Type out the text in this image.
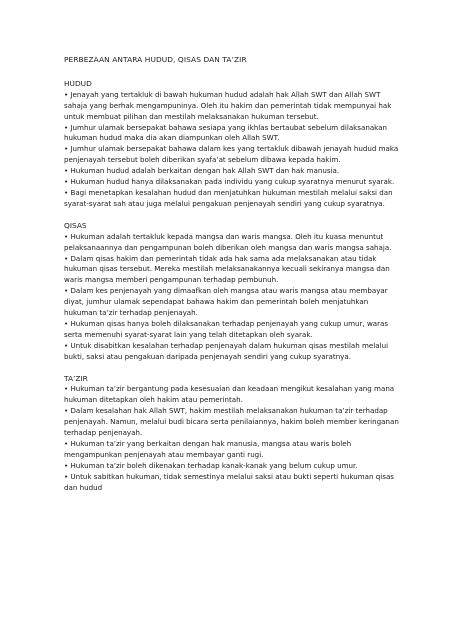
PERBEZAAN ANTARA HUDUD, QISAS DAN TA’ZIR
HUDUD

• Jenayah yang tertakluk di bawah hukuman hudud adalah hak Allah SWT dan Allah SWT sahaja yang berhak mengampuninya. Oleh itu hakim dan pemerintah tidak mempunyai hak untuk membuat pilihan dan mestilah melaksanakan hukuman tersebut.

• Jumhur ulamak bersepakat bahawa sesiapa yang ikhlas bertaubat sebelum dilaksanakan hukuman hudud maka dia akan diampunkan oleh Allah SWT.

• Jumhur ulamak bersepakat bahawa dalam kes yang tertakluk dibawah jenayah hudud maka penjenayah tersebut boleh diberikan syafa’at sebelum dibawa kepada hakim.

• Hukuman hudud adalah berkaitan dengan hak Allah SWT dan hak manusia.

• Hukuman hudud hanya dilaksanakan pada individu yang cukup syaratnya menurut syarak.

• Bagi menetapkan kesalahan hudud dan menjatuhkan hukuman mestilah melalui saksi dan syarat-syarat sah atau juga melalui pengakuan penjenayah sendiri yang cukup syaratnya.

QISAS

• Hukuman adalah tertakluk kepada mangsa dan waris mangsa. Oleh itu kuasa menuntut pelaksanaannya dan pengampunan boleh diberikan oleh mangsa dan waris mangsa sahaja.

• Dalam qisas hakim dan pemerintah tidak ada hak sama ada melaksanakan atau tidak hukuman qisas tersebut. Mereka mestilah melaksanakannya kecuali sekiranya mangsa dan waris mangsa memberi pengampunan terhadap pembunuh.

• Dalam kes penjenayah yang dimaafkan oleh mangsa atau waris mangsa atau membayar diyat, jumhur ulamak sependapat bahawa hakim dan pemerintah boleh menjatuhkan hukuman ta’zir terhadap penjenayah.

• Hukuman qisas hanya boleh dilaksanakan terhadap penjenayah yang cukup umur, waras serta memenuhi syarat-syarat lain yang telah ditetapkan oleh syarak.

• Untuk disabitkan kesalahan terhadap penjenayah dalam hukuman qisas mestilah melalui bukti, saksi atau pengakuan daripada penjenayah sendiri yang cukup syaratnya.

TA’ZIR

• Hukuman ta’zir bergantung pada kesesuaian dan keadaan mengikut kesalahan yang mana hukuman ditetapkan oleh hakim atau pemerintah.

• Dalam kesalahan hak Allah SWT, hakim mestilah melaksanakan hukuman ta’zir terhadap penjenayah. Namun, melalui budi bicara serta penilaiannya, hakim boleh member keringanan terhadap penjenayah.

• Hukuman ta’zir yang berkaitan dengan hak manusia, mangsa atau waris boleh mengampunkan penjenayah atau membayar ganti rugi.

• Hukuman ta’zir boleh dikenakan terhadap kanak-kanak yang belum cukup umur.

• Untuk sabitkan hukuman, tidak semestinya melalui saksi atau bukti seperti hukuman qisas dan hudud
